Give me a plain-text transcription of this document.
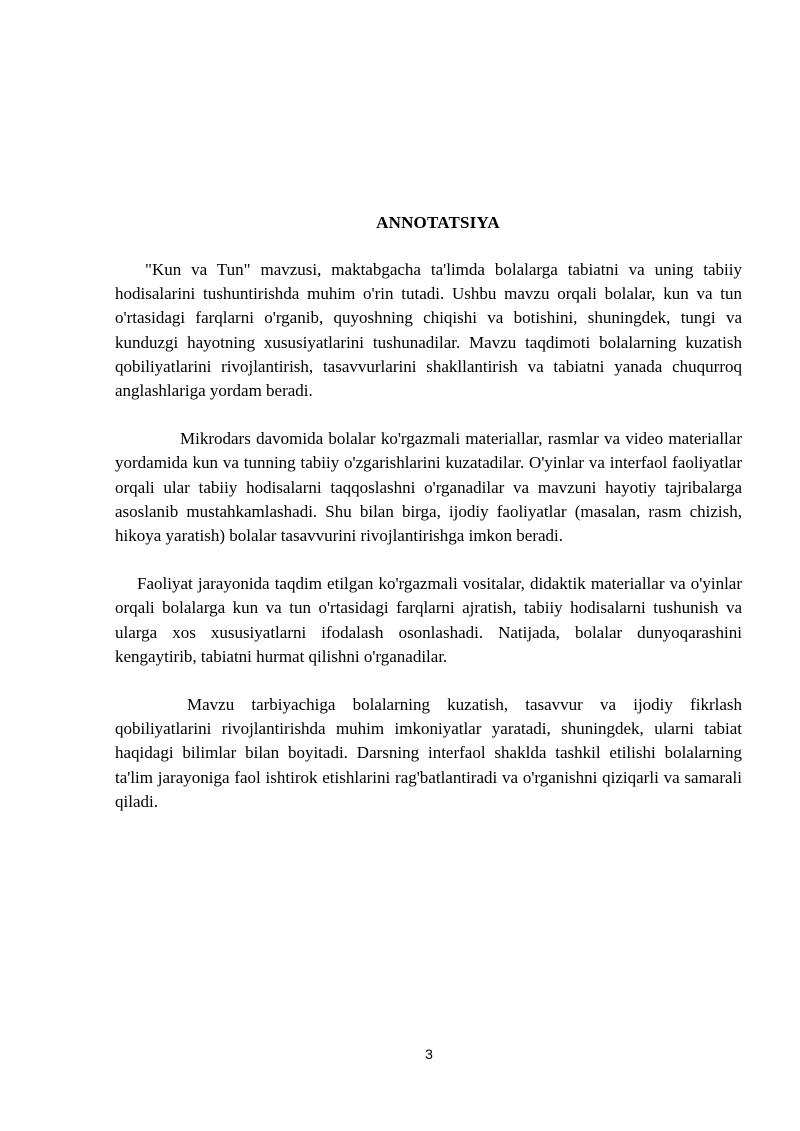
ANNOTATSIYA

"Kun va Tun" mavzusi, maktabgacha ta'limda bolalarga tabiatni va uning tabiiy hodisalarini tushuntirishda muhim o'rin tutadi. Ushbu mavzu orqali bolalar, kun va tun o'rtasidagi farqlarni o'rganib, quyoshning chiqishi va botishini, shuningdek, tungi va kunduzgi hayotning xususiyatlarini tushunadilar. Mavzu taqdimoti bolalarning kuzatish qobiliyatlarini rivojlantirish, tasavvurlarini shakllantirish va tabiatni yanada chuqurroq anglashlariga yordam beradi.

Mikrodars davomida bolalar ko'rgazmali materiallar, rasmlar va video materiallar yordamida kun va tunning tabiiy o'zgarishlarini kuzatadilar. O'yinlar va interfaol faoliyatlar orqali ular tabiiy hodisalarni taqqoslashni o'rganadilar va mavzuni hayotiy tajribalarga asoslanib mustahkamlashadi. Shu bilan birga, ijodiy faoliyatlar (masalan, rasm chizish, hikoya yaratish) bolalar tasavvurini rivojlantirishga imkon beradi.

Faoliyat jarayonida taqdim etilgan ko'rgazmali vositalar, didaktik materiallar va o'yinlar orqali bolalarga kun va tun o'rtasidagi farqlarni ajratish, tabiiy hodisalarni tushunish va ularga xos xususiyatlarni ifodalash osonlashadi. Natijada, bolalar dunyoqarashini kengaytirib, tabiatni hurmat qilishni o'rganadilar.

Mavzu tarbiyachiga bolalarning kuzatish, tasavvur va ijodiy fikrlash qobiliyatlarini rivojlantirishda muhim imkoniyatlar yaratadi, shuningdek, ularni tabiat haqidagi bilimlar bilan boyitadi. Darsning interfaol shaklda tashkil etilishi bolalarning ta'lim jarayoniga faol ishtirok etishlarini rag'batlantiradi va o'rganishni qiziqarli va samarali qiladi.

3
